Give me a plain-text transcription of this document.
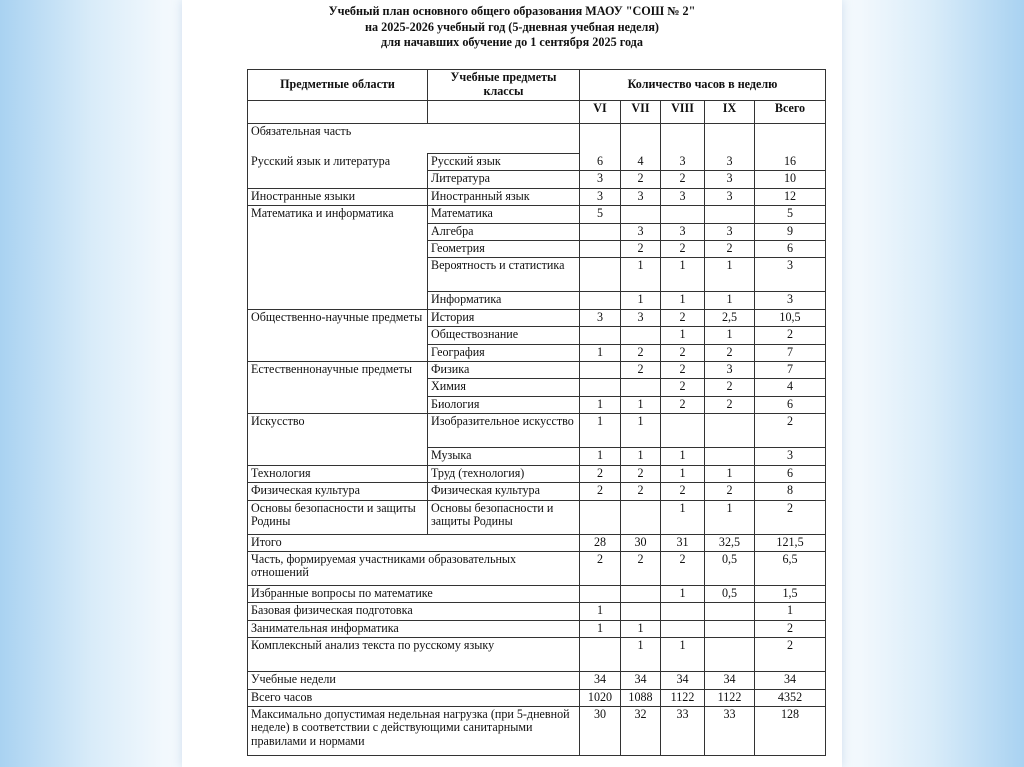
Учебный план основного общего образования МАОУ "СОШ № 2"
на 2025-2026 учебный год (5-дневная учебная неделя)
для начавших обучение до 1 сентября 2025 года
Предметные области	Учебные предметы классы	Количество часов в неделю				
		VI	VII	VIII	IX	Всего
Обязательная часть						
Русский язык и литература	Русский язык	6	4	3	3	16
	Литература	3	2	2	3	10
Иностранные языки	Иностранный язык	3	3	3	3	12
Математика и информатика	Математика	5				5
	Алгебра		3	3	3	9
	Геометрия		2	2	2	6
	Вероятность и статистика		1	1	1	3
	Информатика		1	1	1	3
Общественно-научные предметы	История	3	3	2	2,5	10,5
	Обществознание			1	1	2
	География	1	2	2	2	7
Естественнонаучные предметы	Физика		2	2	3	7
	Химия			2	2	4
	Биология	1	1	2	2	6
Искусство	Изобразительное искусство	1	1			2
	Музыка	1	1	1		3
Технология	Труд (технология)	2	2	1	1	6
Физическая культура	Физическая культура	2	2	2	2	8
Основы безопасности и защиты Родины	Основы безопасности и защиты Родины			1	1	2
Итого		28	30	31	32,5	121,5
Часть, формируемая участниками образовательных отношений		2	2	2	0,5	6,5
Избранные вопросы по математике				1	0,5	1,5
Базовая физическая подготовка		1				1
Занимательная информатика		1	1			2
Комплексный анализ текста по русскому языку			1	1		2
Учебные недели		34	34	34	34	34
Всего часов		1020	1088	1122	1122	4352
Максимально допустимая недельная нагрузка (при 5-дневной неделе) в соответствии с действующими санитарными правилами и нормами		30	32	33	33	128
